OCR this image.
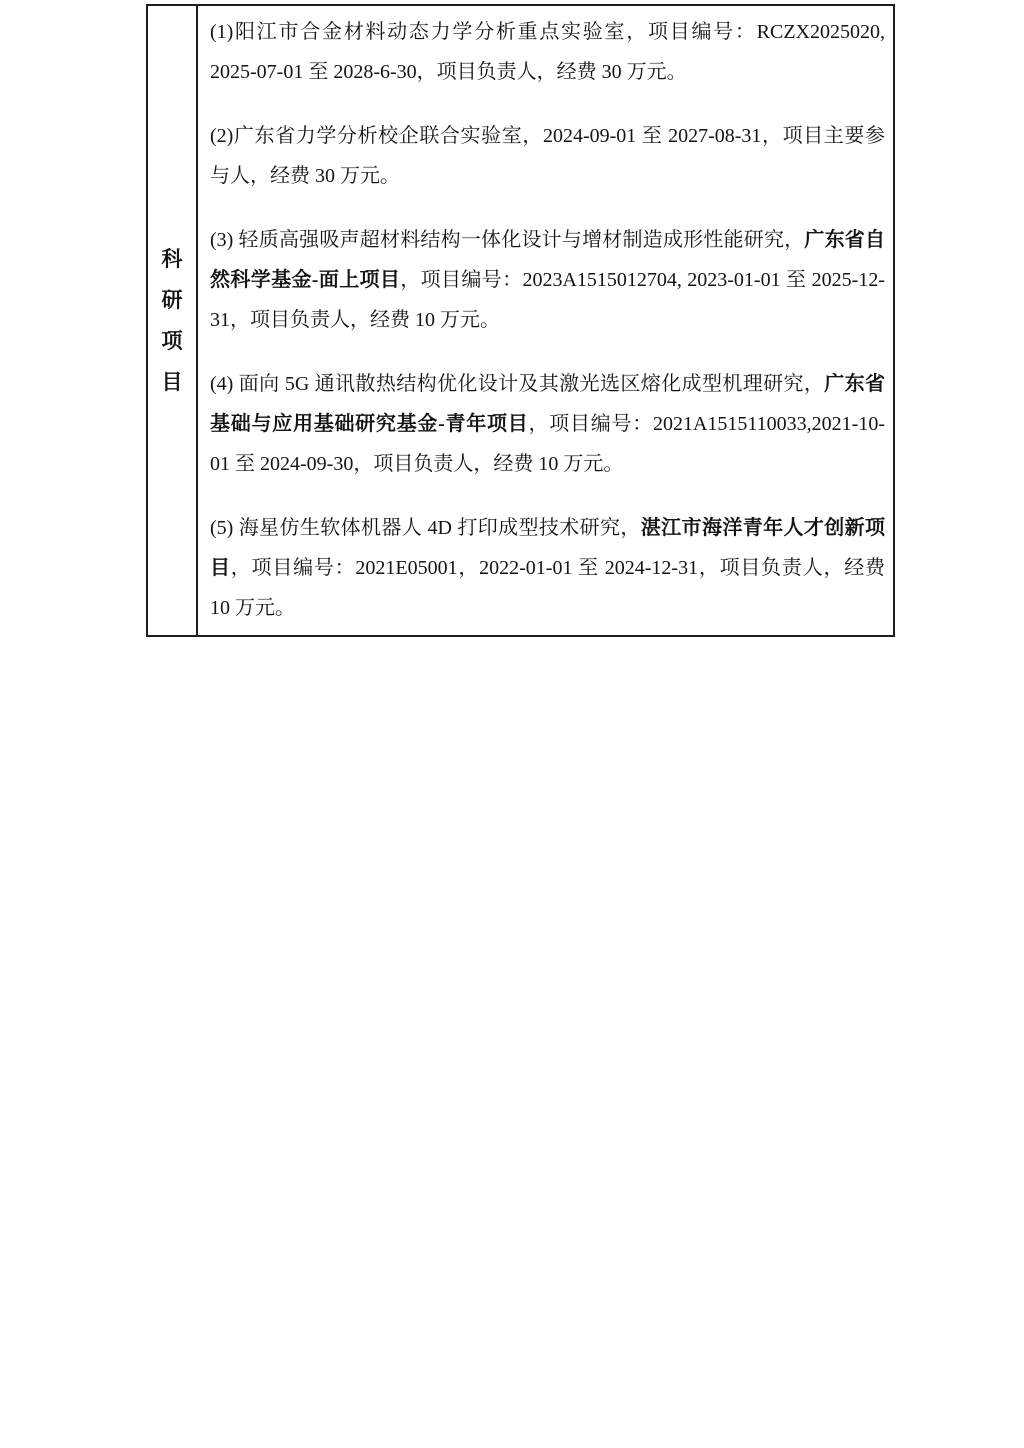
科
研
项
目

(1)阳江市合金材料动态力学分析重点实验室，项目编号：RCZX2025020, 2025-07-01 至 2028-6-30，项目负责人，经费 30 万元。

(2)广东省力学分析校企联合实验室，2024-09-01 至 2027-08-31，项目主要参与人，经费 30 万元。

(3) 轻质高强吸声超材料结构一体化设计与增材制造成形性能研究，广东省自然科学基金-面上项目，项目编号：2023A1515012704, 2023-01-01 至 2025-12-31，项目负责人，经费 10 万元。

(4) 面向 5G 通讯散热结构优化设计及其激光选区熔化成型机理研究，广东省基础与应用基础研究基金-青年项目，项目编号：2021A1515110033,2021-10-01 至 2024-09-30，项目负责人，经费 10 万元。

(5) 海星仿生软体机器人 4D 打印成型技术研究，湛江市海洋青年人才创新项目，项目编号：2021E05001，2022-01-01 至 2024-12-31，项目负责人，经费 10 万元。
